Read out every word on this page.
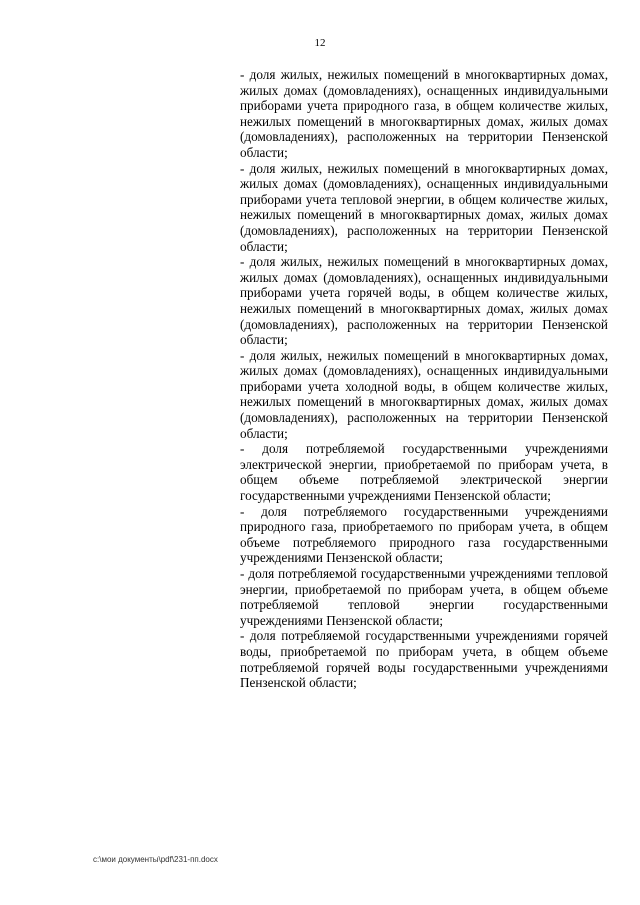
12

- доля жилых, нежилых помещений в многоквартирных домах, жилых домах (домовладениях), оснащенных индивидуальными приборами учета природного газа, в общем количестве жилых, нежилых помещений в многоквартирных домах, жилых домах (домовладениях), расположенных на территории Пензенской области;

- доля жилых, нежилых помещений в многоквартирных домах, жилых домах (домовладениях), оснащенных индивидуальными приборами учета тепловой энергии, в общем количестве жилых, нежилых помещений в многоквартирных домах, жилых домах (домовладениях), расположенных на территории Пензенской области;

- доля жилых, нежилых помещений в многоквартирных домах, жилых домах (домовладениях), оснащенных индивидуальными приборами учета горячей воды, в общем количестве жилых, нежилых помещений в многоквартирных домах, жилых домах (домовладениях), расположенных на территории Пензенской области;

- доля жилых, нежилых помещений в многоквартирных домах, жилых домах (домовладениях), оснащенных индивидуальными приборами учета холодной воды, в общем количестве жилых, нежилых помещений в многоквартирных домах, жилых домах (домовладениях), расположенных на территории Пензенской области;

- доля потребляемой государственными учреждениями электрической энергии, приобретаемой по приборам учета, в общем объеме потребляемой электрической энергии государственными учреждениями Пензенской области;

- доля потребляемого государственными учреждениями природного газа, приобретаемого по приборам учета, в общем объеме потребляемого природного газа государственными учреждениями Пензенской области;

- доля потребляемой государственными учреждениями тепловой энергии, приобретаемой по приборам учета, в общем объеме потребляемой тепловой энергии государственными учреждениями Пензенской области;

- доля потребляемой государственными учреждениями горячей воды, приобретаемой по приборам учета, в общем объеме потребляемой горячей воды государственными учреждениями Пензенской области;

c:\мои документы\pdf\231-пп.docx
